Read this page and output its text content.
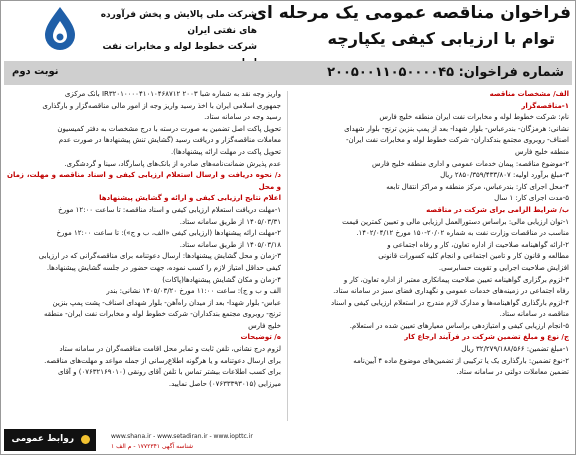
فراخوان مناقصه عمومی یک مرحله ای
توام با ارزیابی کیفی یکپارچه
شرکت ملی پالایش و پخش فرآورده های نفتی ایران
شرکت خطوط لوله و مخابرات نفت
شماره فراخوان: ۲۰۰۵۰۰۱۱۰۵۰۰۰۰۴۵
نوبت دوم
الف/ مشخصات مناقصه
۱-مناقصه‌گزار
نام: شرکت خطوط لوله و مخابرات نفت ایران منطقه خلیج فارس
نشانی: هرمزگان- بندرعباس- بلوار شهدا- بعد از پمپ بنزین ترنج- بلوار شهدای
اصناف- روبروی مجتمع بندکداران- شرکت خطوط لوله و مخابرات نفت ایران-
منطقه خلیج فارس
۲-موضوع مناقصه: پیمان خدمات عمومی و اداری منطقه خلیج فارس
۳-مبلغ برآورد اولیه: ۲۸۵۰/۳۵۹/۴۳۳/۸۰۷ ریال
۴-محل اجرای کار: بندرعباس، مرکز منطقه و مراکز انتقال تابعه
۵-مدت اجرای کار: ۱ سال
ب/ شرایط الزامی برای شرکت در مناقصه
۱-توان ارزیابی مالی: براساس دستورالعمل ارزیابی مالی و تعیین کمترین قیمت
مناسب در مناقصات وزارت نفت به شماره ۲۰/۰۲-۱۵۰ مورخ ۱۴۰۲/۰۴/۱۲.
۲-ارائه گواهینامه صلاحیت از اداره تعاون، کار و رفاه اجتماعی و
مطالعه و قانون کار و تامین اجتماعی و انجام کلیه کسورات قانونی
افزایش صلاحیت اجرایی و تقویت حسابرسی.
۳-لزوم برگزاری گواهینامه تعیین صلاحیت پیمانکاری معتبر از اداره تعاون، کار و
رفاه اجتماعی در زمینه‌های خدمات عمومی و نگهداری فضای سبز در سامانه ستاد.
۴-لزوم بارگذاری گواهینامه‌ها و مدارک لازم مندرج در استعلام ارزیابی کیفی و اسناد
مناقصه در سامانه ستاد.
۵-انجام ارزیابی کیفی و امتیازدهی براساس معیارهای تعیین شده در استعلام.
ج/ نوع و مبلغ تضمین شرکت در فرآیند ارجاع کار
۱-مبلغ تضمین: ۳۲/۲۷۹/۱۸۸/۵۶۶ ریال
۲-نوع تضمین: بارگذاری یک یا ترکیبی از تضمین‌های موضوع ماده ۴ آیین‌نامه
تضمین معاملات دولتی در سامانه ستاد.
واریز وجه نقد به شماره شبا ۲۰۰۳ IR۳۲۰۱۰۰۰۰۴۱۰۱۰۴۶۸۷۱۲ بانک مرکزی
جمهوری اسلامی ایران با اخذ رسید واریز وجه از امور مالی مناقصه‌گزار و بارگذاری
رسید وجه در سامانه ستاد.
تحویل پاکت اصل تضمین به صورت درسته با درج مشخصات به دفتر کمیسیون
معاملات مناقصه‌گزار و دریافت رسید (گشایش تنش پیشنهادها در صورت عدم
تحویل پاکت در مهلت ارائه پیشنهادها).
عدم پذیرش ضمانت‌نامه‌های صادره از بانک‌های پاسارگاد، سینا و گردشگری.
د/ نحوه دریافت و ارسال استعلام ارزیابی کیفی و اسناد مناقصه و مهلت، زمان و محل
اعلام نتایج ارزیابی کیفی و ارائه و گشایش پیشنهادها
۱-مهلت دریافت استعلام ارزیابی کیفی و اسناد مناقصه: تا ساعت ۱۲:۰۰ مورخ
۱۴۰۵/۰۳/۳۱ از طریق سامانه ستاد.
۲-مهلت ارائه پیشنهادها (ارزیابی کیفی «الف، ب و ج»): تا ساعت ۱۲:۰۰ مورخ
۱۴۰۵/۰۳/۱۸ از طریق سامانه ستاد.
۳-زمان و محل گشایش پیشنهادها: ارسال دعوتنامه برای مناقصه‌گرانی که در ارزیابی
کیفی حداقل امتیاز لازم را کسب نموده، جهت حضور در جلسه گشایش پیشنهادها.
۴-زمان و مکان گشایش پیشنهادها(پاکات)
الف و ب و ج): ساعت ۱۱:۰۰ مورخ ۱۴۰۵/۰۳/۲۰ نشانی: بندر
عباس- بلوار شهدا- بعد از میدان راه‌آهن- بلوار شهدای اصناف- پشت پمپ بنزین
ترنج- روبروی مجتمع بندکداران- شرکت خطوط لوله و مخابرات نفت ایران- منطقه
خلیج فارس
ه/ توضیحات
لزوم درج نشانی، تلفن ثابت و تمابر محل اقامت مناقصه‌گران در سامانه ستاد
برای ارسال دعوتنامه و یا هرگونه اطلاع‌رسانی از جمله مواعد و مهلت‌های مناقصه.
برای کسب اطلاعات بیشتر تماس با تلفن آقای رونقی (۰۷۶۳۲۱۶۹۰۱۰) و آقای
میرزایی (۰۷۶۳۳۳۹۳۰۱۵) حاصل نمایید.
www.shana.ir - www.setadiran.ir - www.iopttc.ir
شناسه آگهی ۱۷۷۲۳۴۱ - م الف ۱
روابط عمومی
